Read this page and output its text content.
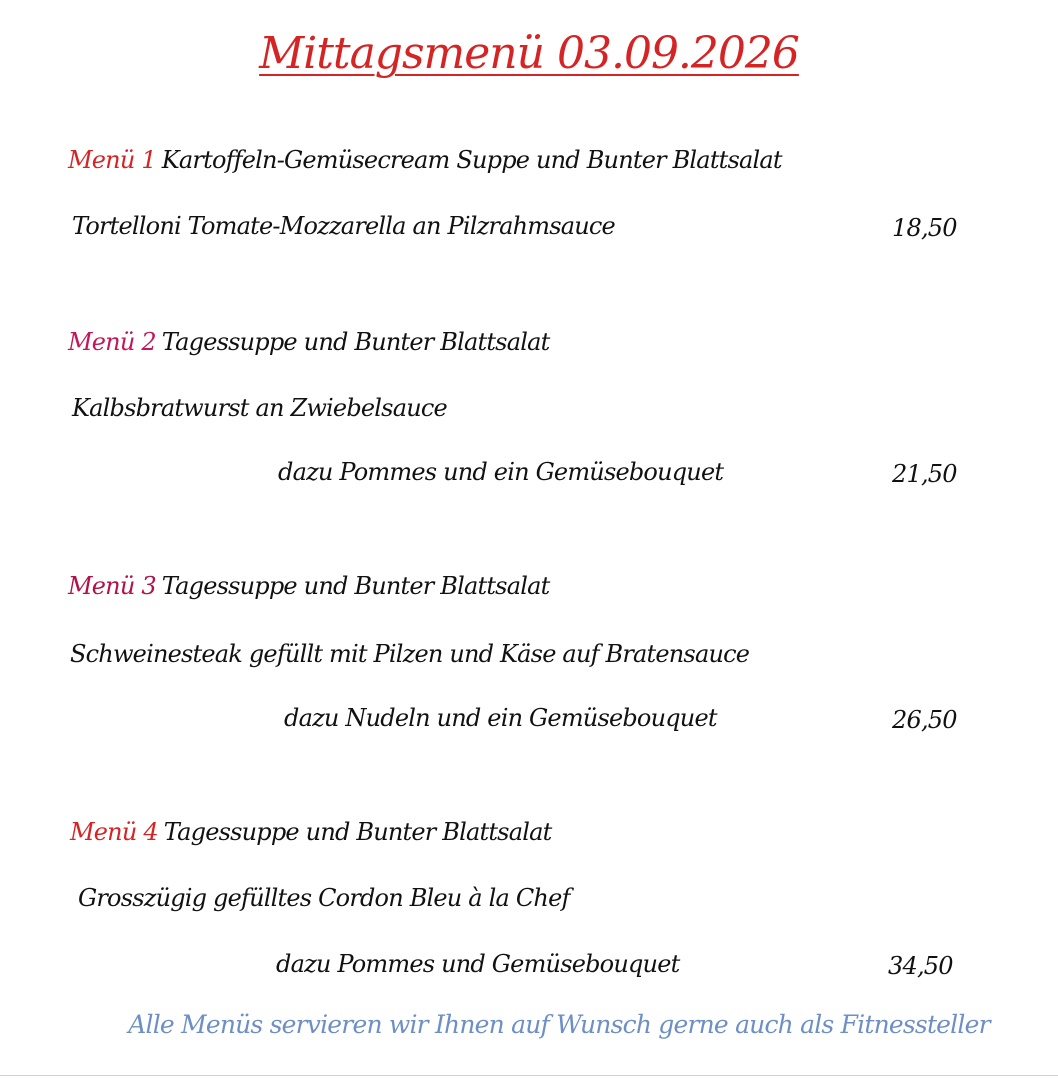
Mittagsmenü 03.09.2026
Menü 1 Kartoffeln-Gemüsecream Suppe und Bunter Blattsalat
Tortelloni Tomate-Mozzarella an Pilzrahmsauce	18,50
Menü 2 Tagessuppe und Bunter Blattsalat
Kalbsbratwurst an Zwiebelsauce
dazu Pommes und ein Gemüsebouquet	21,50
Menü 3 Tagessuppe und Bunter Blattsalat
Schweinesteak gefüllt mit Pilzen und Käse auf Bratensauce
dazu Nudeln und ein Gemüsebouquet	26,50
Menü 4 Tagessuppe und Bunter Blattsalat
Grosszügig gefülltes Cordon Bleu à la Chef
dazu Pommes und Gemüsebouquet	34,50
Alle Menüs servieren wir Ihnen auf Wunsch gerne auch als Fitnessteller
